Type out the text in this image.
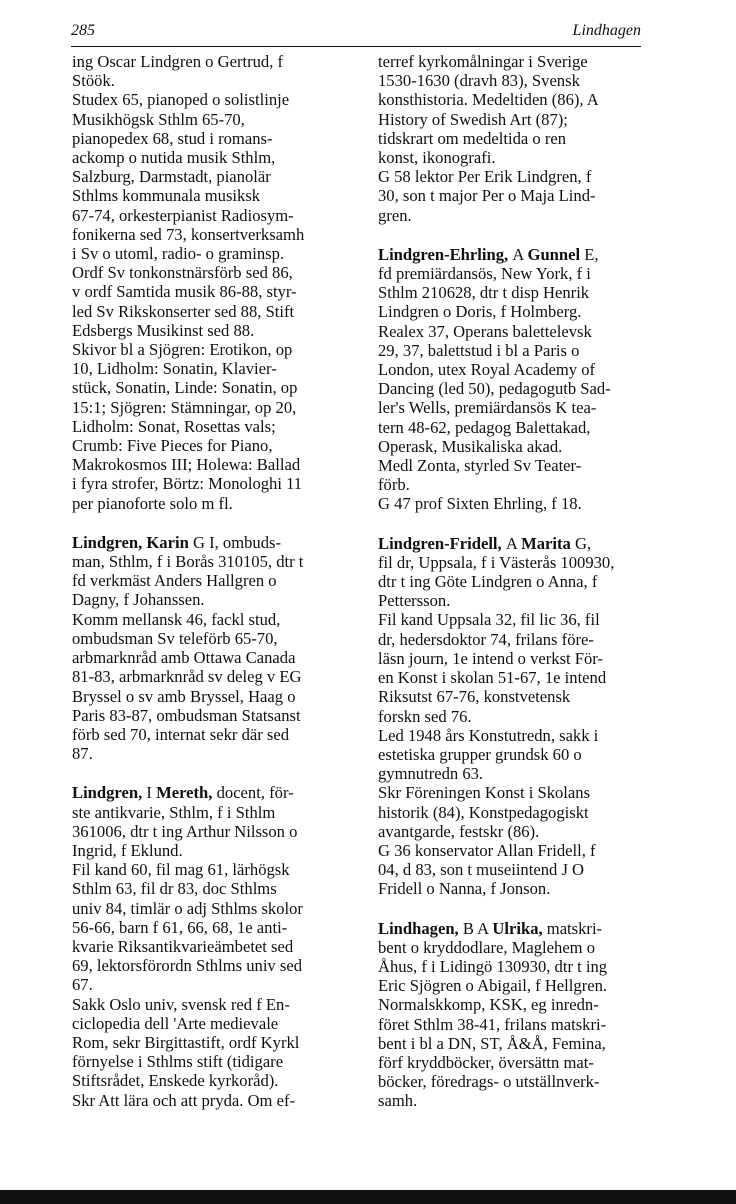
285	Lindhagen
ing Oscar Lindgren o Gertrud, f
Stöök.
Studex 65, pianoped o solistlinje
Musikhögsk Sthlm 65-70,
pianopedex 68, stud i romans-
ackomp o nutida musik Sthlm,
Salzburg, Darmstadt, pianolär
Sthlms kommunala musiksk
67-74, orkesterpianist Radiosym-
fonikerna sed 73, konsertverksamh
i Sv o utoml, radio- o graminsp.
Ordf Sv tonkonstnärsförb sed 86,
v ordf Samtida musik 86-88, styr-
led Sv Rikskonserter sed 88, Stift
Edsbergs Musikinst sed 88.
Skivor bl a Sjögren: Erotikon, op
10, Lidholm: Sonatin, Klavier-
stück, Sonatin, Linde: Sonatin, op
15:1; Sjögren: Stämningar, op 20,
Lidholm: Sonat, Rosettas vals;
Crumb: Five Pieces for Piano,
Makrokosmos III; Holewa: Ballad
i fyra strofer, Börtz: Monologhi 11
per pianoforte solo m fl.
Lindgren, Karin G I, ombuds-
man, Sthlm, f i Borås 310105, dtr t
fd verkmäst Anders Hallgren o
Dagny, f Johanssen.
Komm mellansk 46, fackl stud,
ombudsman Sv teleförb 65-70,
arbmarknråd amb Ottawa Canada
81-83, arbmarknråd sv deleg v EG
Bryssel o sv amb Bryssel, Haag o
Paris 83-87, ombudsman Statsanst
förb sed 70, internat sekr där sed
87.
Lindgren, I Mereth, docent, för-
ste antikvarie, Sthlm, f i Sthlm
361006, dtr t ing Arthur Nilsson o
Ingrid, f Eklund.
Fil kand 60, fil mag 61, lärhögsk
Sthlm 63, fil dr 83, doc Sthlms
univ 84, timlär o adj Sthlms skolor
56-66, barn f 61, 66, 68, 1e anti-
kvarie Riksantikvarieämbetet sed
69, lektorsförordn Sthlms univ sed
67.
Sakk Oslo univ, svensk red f En-
ciclopedia dell 'Arte medievale
Rom, sekr Birgittastift, ordf Kyrkl
förnyelse i Sthlms stift (tidigare
Stiftsrådet, Enskede kyrkoråd).
Skr Att lära och att pryda. Om ef-
terref kyrkomålningar i Sverige
1530-1630 (dravh 83), Svensk
konsthistoria. Medeltiden (86), A
History of Swedish Art (87);
tidskrart om medeltida o ren
konst, ikonografi.
G 58 lektor Per Erik Lindgren, f
30, son t major Per o Maja Lind-
gren.
Lindgren-Ehrling, A Gunnel E,
fd premiärdansös, New York, f i
Sthlm 210628, dtr t disp Henrik
Lindgren o Doris, f Holmberg.
Realex 37, Operans balettelevsk
29, 37, balettstud i bl a Paris o
London, utex Royal Academy of
Dancing (led 50), pedagogutb Sad-
ler's Wells, premiärdansös K tea-
tern 48-62, pedagog Balettakad,
Operask, Musikaliska akad.
Medl Zonta, styrled Sv Teater-
förb.
G 47 prof Sixten Ehrling, f 18.
Lindgren-Fridell, A Marita G,
fil dr, Uppsala, f i Västerås 100930,
dtr t ing Göte Lindgren o Anna, f
Pettersson.
Fil kand Uppsala 32, fil lic 36, fil
dr, hedersdoktor 74, frilans före-
läsn journ, 1e intend o verkst För-
en Konst i skolan 51-67, 1e intend
Riksutst 67-76, konstvetensk
forskn sed 76.
Led 1948 års Konstutredn, sakk i
estetiska grupper grundsk 60 o
gymnutredn 63.
Skr Föreningen Konst i Skolans
historik (84), Konstpedagogiskt
avantgarde, festskr (86).
G 36 konservator Allan Fridell, f
04, d 83, son t museiintend J O
Fridell o Nanna, f Jonson.
Lindhagen, B A Ulrika, matskri-
bent o kryddodlare, Maglehem o
Åhus, f i Lidingö 130930, dtr t ing
Eric Sjögren o Abigail, f Hellgren.
Normalskkomp, KSK, eg inredn-
föret Sthlm 38-41, frilans matskri-
bent i bl a DN, ST, Å&Å, Femina,
förf kryddböcker, översättn mat-
böcker, föredrags- o utställnverk-
samh.
